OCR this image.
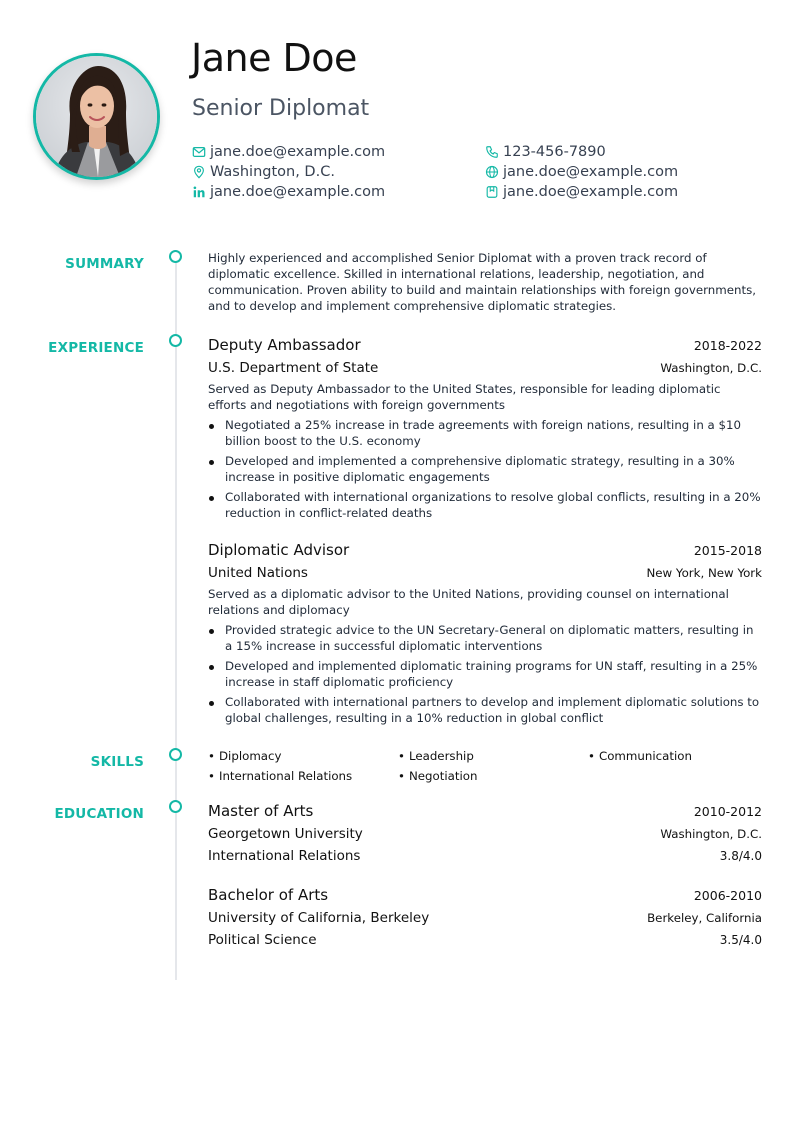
Jane Doe
Senior Diplomat
jane.doe@example.com	123-456-7890
Washington, D.C.	jane.doe@example.com
jane.doe@example.com	jane.doe@example.com
SUMMARY	Highly experienced and accomplished Senior Diplomat with a proven track record of diplomatic excellence. Skilled in international relations, leadership, negotiation, and communication. Proven ability to build and maintain relationships with foreign governments, and to develop and implement comprehensive diplomatic strategies.

EXPERIENCE	Deputy Ambassador	2018-2022
U.S. Department of State	Washington, D.C.

Served as Deputy Ambassador to the United States, responsible for leading diplomatic efforts and negotiations with foreign governments

Negotiated a 25% increase in trade agreements with foreign nations, resulting in a $10 billion boost to the U.S. economy
Developed and implemented a comprehensive diplomatic strategy, resulting in a 30% increase in positive diplomatic engagements
Collaborated with international organizations to resolve global conflicts, resulting in a 20% reduction in conflict-related deaths
Diplomatic Advisor	2015-2018
United Nations	New York, New York

Served as a diplomatic advisor to the United Nations, providing counsel on international relations and diplomacy

Provided strategic advice to the UN Secretary-General on diplomatic matters, resulting in a 15% increase in successful diplomatic interventions
Developed and implemented diplomatic training programs for UN staff, resulting in a 25% increase in staff diplomatic proficiency
Collaborated with international partners to develop and implement diplomatic solutions to global challenges, resulting in a 10% reduction in global conflict
SKILLS	• Diplomacy	• Leadership	• Communication
• International Relations	• Negotiation
EDUCATION	Master of Arts	2010-2012
Georgetown University	Washington, D.C.
International Relations	3.8/4.0
Bachelor of Arts	2006-2010
University of California, Berkeley	Berkeley, California
Political Science	3.5/4.0
